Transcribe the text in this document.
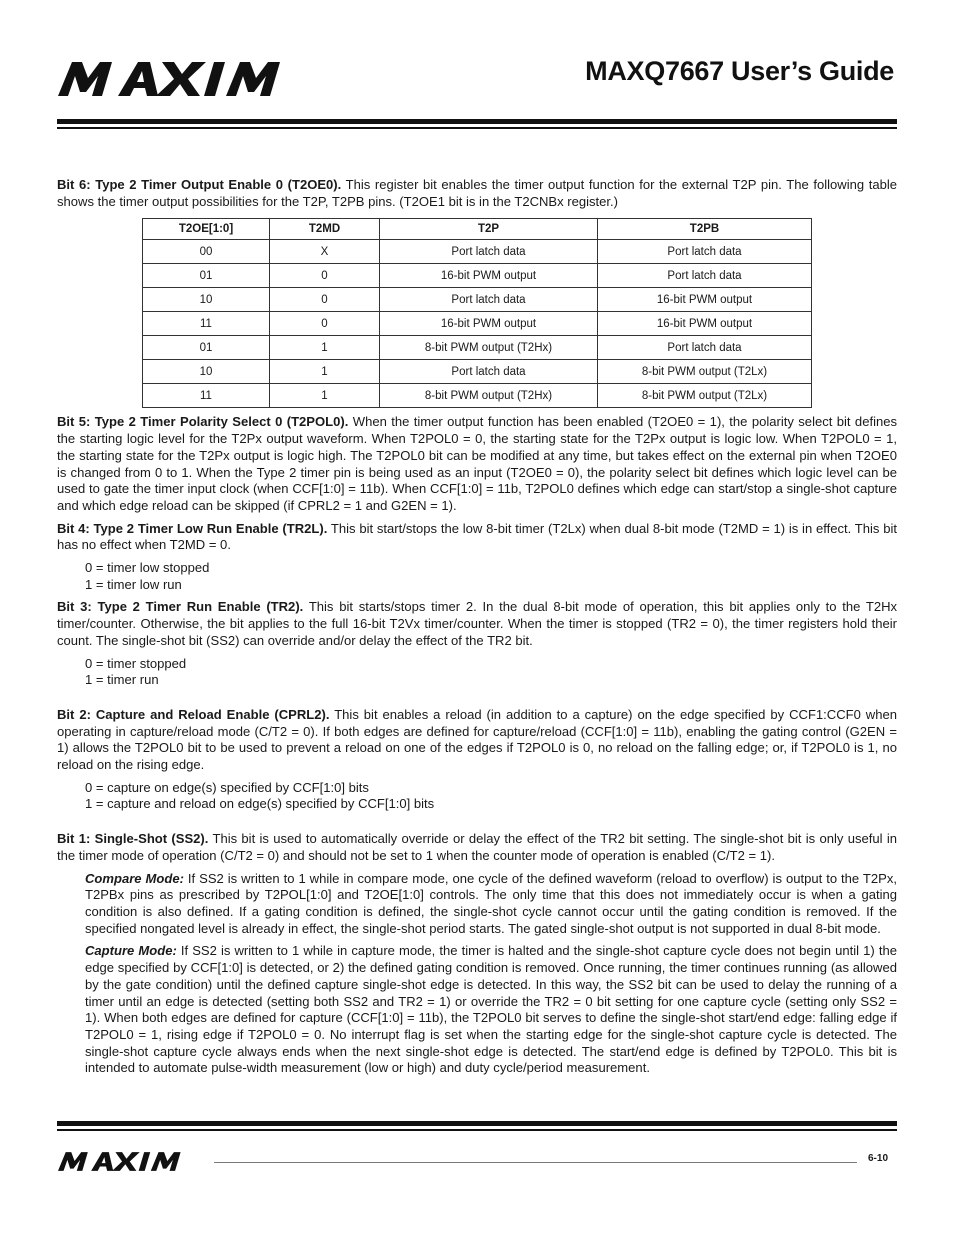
MAXQ7667 User’s Guide

Bit 6: Type 2 Timer Output Enable 0 (T2OE0). This register bit enables the timer output function for the external T2P pin. The following table shows the timer output possibilities for the T2P, T2PB pins. (T2OE1 bit is in the T2CNBx register.)

T2OE[1:0]	T2MD	T2P	T2PB
00	X	Port latch data	Port latch data
01	0	16-bit PWM output	Port latch data
10	0	Port latch data	16-bit PWM output
11	0	16-bit PWM output	16-bit PWM output
01	1	8-bit PWM output (T2Hx)	Port latch data
10	1	Port latch data	8-bit PWM output (T2Lx)
11	1	8-bit PWM output (T2Hx)	8-bit PWM output (T2Lx)

Bit 5: Type 2 Timer Polarity Select 0 (T2POL0). When the timer output function has been enabled (T2OE0 = 1), the polarity select bit defines the starting logic level for the T2Px output waveform. When T2POL0 = 0, the starting state for the T2Px output is logic low. When T2POL0 = 1, the starting state for the T2Px output is logic high. The T2POL0 bit can be modified at any time, but takes effect on the external pin when T2OE0 is changed from 0 to 1. When the Type 2 timer pin is being used as an input (T2OE0 = 0), the polarity select bit defines which logic level can be used to gate the timer input clock (when CCF[1:0] = 11b). When CCF[1:0] = 11b, T2POL0 defines which edge can start/stop a single-shot capture and which edge reload can be skipped (if CPRL2 = 1 and G2EN = 1).

Bit 4: Type 2 Timer Low Run Enable (TR2L). This bit start/stops the low 8-bit timer (T2Lx) when dual 8-bit mode (T2MD = 1) is in effect. This bit has no effect when T2MD = 0.

0 = timer low stopped
1 = timer low run

Bit 3: Type 2 Timer Run Enable (TR2). This bit starts/stops timer 2. In the dual 8-bit mode of operation, this bit applies only to the T2Hx timer/counter. Otherwise, the bit applies to the full 16-bit T2Vx timer/counter. When the timer is stopped (TR2 = 0), the timer registers hold their count. The single-shot bit (SS2) can override and/or delay the effect of the TR2 bit.

0 = timer stopped
1 = timer run

Bit 2: Capture and Reload Enable (CPRL2). This bit enables a reload (in addition to a capture) on the edge specified by CCF1:CCF0 when operating in capture/reload mode (C/T2 = 0). If both edges are defined for capture/reload (CCF[1:0] = 11b), enabling the gating control (G2EN = 1) allows the T2POL0 bit to be used to prevent a reload on one of the edges if T2POL0 is 0, no reload on the falling edge; or, if T2POL0 is 1, no reload on the rising edge.

0 = capture on edge(s) specified by CCF[1:0] bits
1 = capture and reload on edge(s) specified by CCF[1:0] bits

Bit 1: Single-Shot (SS2). This bit is used to automatically override or delay the effect of the TR2 bit setting. The single-shot bit is only useful in the timer mode of operation (C/T2 = 0) and should not be set to 1 when the counter mode of operation is enabled (C/T2 = 1).

Compare Mode: If SS2 is written to 1 while in compare mode, one cycle of the defined waveform (reload to overflow) is output to the T2Px, T2PBx pins as prescribed by T2POL[1:0] and T2OE[1:0] controls. The only time that this does not immediately occur is when a gating condition is also defined. If a gating condition is defined, the single-shot cycle cannot occur until the gating condition is removed. If the specified nongated level is already in effect, the single-shot period starts. The gated single-shot output is not supported in dual 8-bit mode.

Capture Mode: If SS2 is written to 1 while in capture mode, the timer is halted and the single-shot capture cycle does not begin until 1) the edge specified by CCF[1:0] is detected, or 2) the defined gating condition is removed. Once running, the timer continues running (as allowed by the gate condition) until the defined capture single-shot edge is detected. In this way, the SS2 bit can be used to delay the running of a timer until an edge is detected (setting both SS2 and TR2 = 1) or override the TR2 = 0 bit setting for one capture cycle (setting only SS2 = 1). When both edges are defined for capture (CCF[1:0] = 11b), the T2POL0 bit serves to define the single-shot start/end edge: falling edge if T2POL0 = 1, rising edge if T2POL0 = 0. No interrupt flag is set when the starting edge for the single-shot capture cycle is detected. The single-shot capture cycle always ends when the next single-shot edge is detected. The start/end edge is defined by T2POL0. This bit is intended to automate pulse-width measurement (low or high) and duty cycle/period measurement.

6-10
